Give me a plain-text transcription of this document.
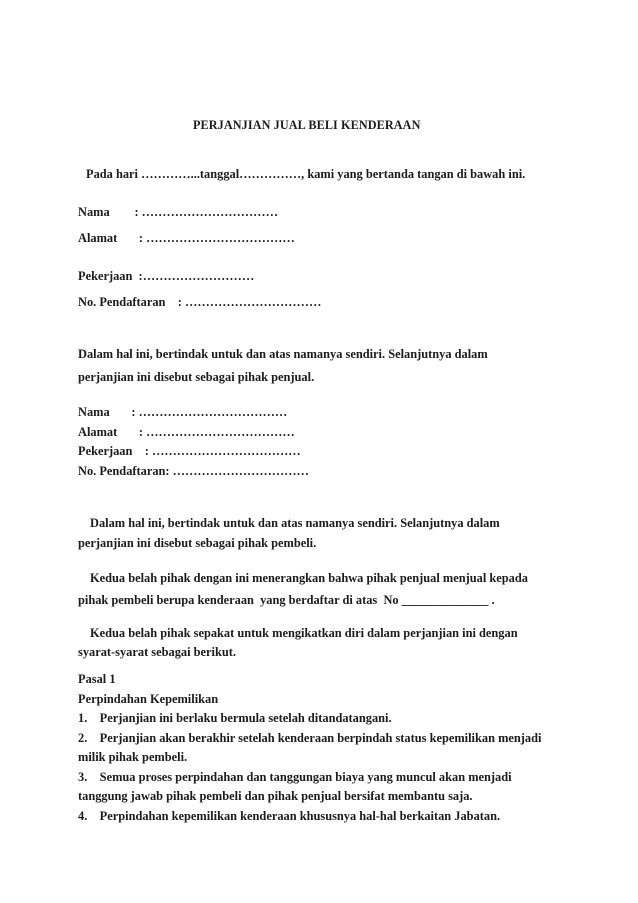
PERJANJIAN JUAL BELI KENDERAAN
Pada hari …………...tanggal……………, kami yang bertanda tangan di bawah ini.
Nama        : ……………………………
Alamat       : ………………………………
Pekerjaan  :………………………
No. Pendaftaran    : ……………………………
Dalam hal ini, bertindak untuk dan atas namanya sendiri. Selanjutnya dalam
perjanjian ini disebut sebagai pihak penjual.
Nama       : ………………………………
Alamat       : ………………………………
Pekerjaan    : ………………………………
No. Pendaftaran: ……………………………
Dalam hal ini, bertindak untuk dan atas namanya sendiri. Selanjutnya dalam
perjanjian ini disebut sebagai pihak pembeli.
Kedua belah pihak dengan ini menerangkan bahwa pihak penjual menjual kepada
pihak pembeli berupa kenderaan  yang berdaftar di atas  No ______________ .
Kedua belah pihak sepakat untuk mengikatkan diri dalam perjanjian ini dengan
syarat-syarat sebagai berikut.
Pasal 1
Perpindahan Kepemilikan
1.    Perjanjian ini berlaku bermula setelah ditandatangani.
2.    Perjanjian akan berakhir setelah kenderaan berpindah status kepemilikan menjadi
milik pihak pembeli.
3.    Semua proses perpindahan dan tanggungan biaya yang muncul akan menjadi
tanggung jawab pihak pembeli dan pihak penjual bersifat membantu saja.
4.    Perpindahan kepemilikan kenderaan khususnya hal-hal berkaitan Jabatan.
